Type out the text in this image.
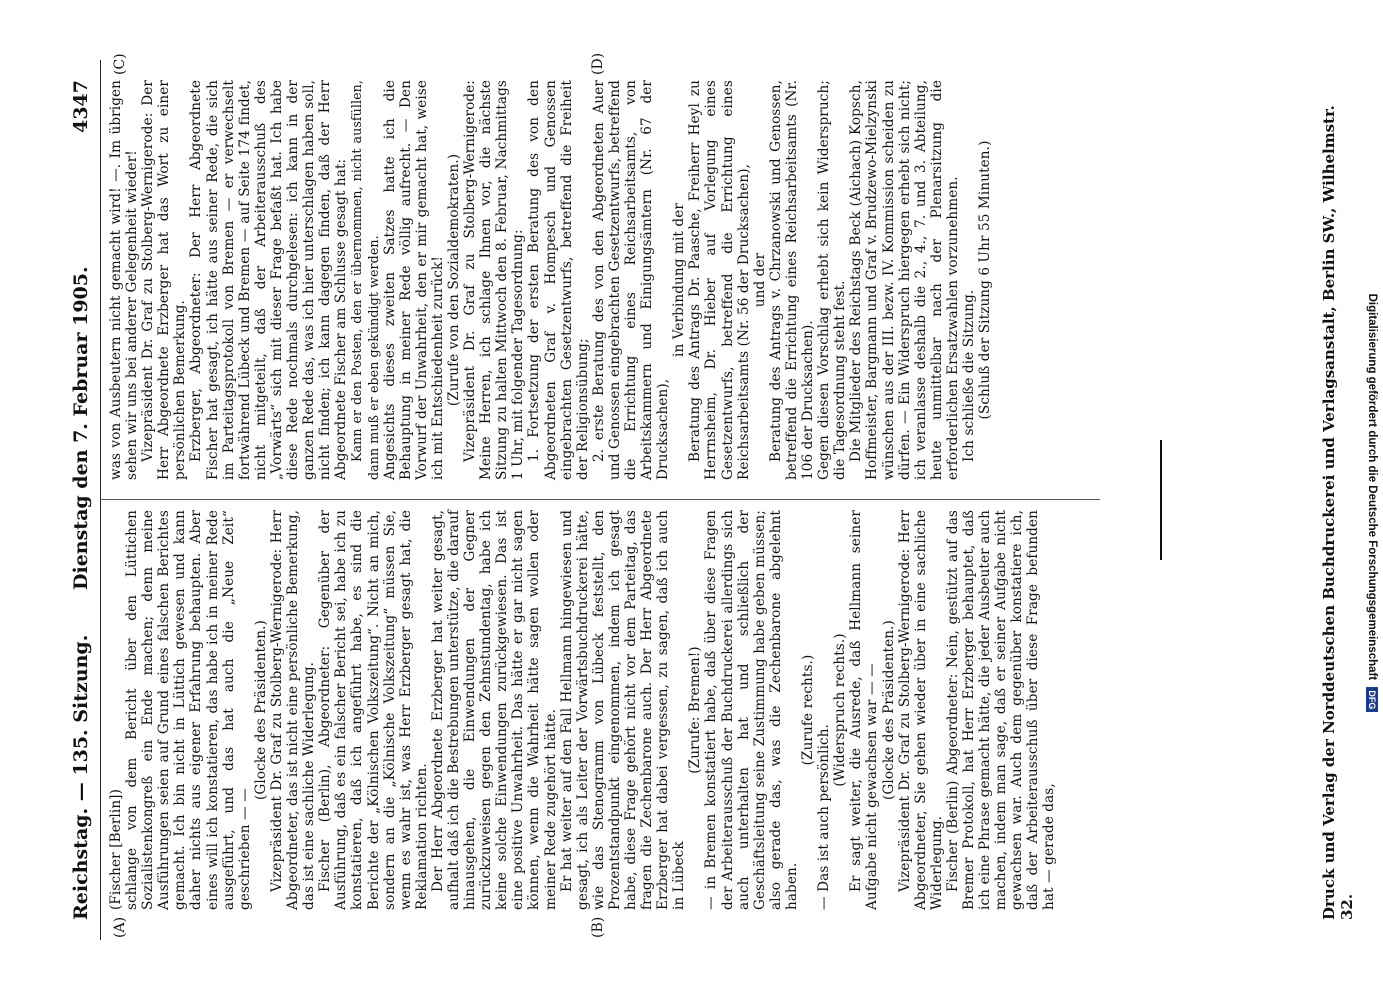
Reichstag. — 135. Sitzung.
Dienstag den 7. Februar 1905.
4347
(A)	(B)
(C)	(D)

(Fischer [Berlin]) schlange von dem Bericht über den Lüttichen Sozialistenkongreß ein Ende machen; denn meine Ausführungen seien auf Grund eines falschen Berichtes gemacht. Ich bin nicht in Lüttich gewesen und kann daher nichts aus eigener Erfahrung behaupten. Aber eines will ich konstatieren, das habe ich in meiner Rede ausgeführt, und das hat auch die „Neue Zeit“ geschrieben — —

(Glocke des Präsidenten.) Vizepräsident Dr. Graf zu Stolberg-Wernigerode: Herr Abgeordneter, das ist nicht eine persönliche Bemerkung, das ist eine sachliche Widerlegung. Fischer (Berlin), Abgeordneter: Gegenüber der Ausführung, daß es ein falscher Bericht sei, habe ich zu konstatieren, daß ich angeführt habe, es sind die Berichte der „Kölnischen Volkszeitung“. Nicht an mich, sondern an die „Kölnische Volkszeitung“ müssen Sie, wenn es wahr ist, was Herr Erzberger gesagt hat, die Reklamation richten. Der Herr Abgeordnete Erzberger hat weiter gesagt, aufhalt daß ich die Bestrebungen unterstütze, die darauf hinausgehen, die Einwendungen der Gegner zurückzuweisen gegen den Zehnstundentag, habe ich keine solche Einwendungen zurückgewiesen. Das ist eine positive Unwahrheit. Das hätte er gar nicht sagen können, wenn die Wahrheit hätte sagen wollen oder meiner Rede zugehört hätte. Er hat weiter auf den Fall Hellmann hingewiesen und gesagt, ich als Leiter der Vorwärtsbuchdruckerei hätte, wie das Stenogramm von Lübeck feststellt, den Prozentstandpunkt eingenommen, indem ich gesagt habe, diese Frage gehört nicht vor dem Parteitag, das fragen die Zechenbarone auch. Der Herr Abgeordnete Erzberger hat dabei vergessen, zu sagen, daß ich auch in Lübeck

(Zurufe: Bremen!) — in Bremen konstatiert habe, daß über diese Fragen der Arbeiterausschuß der Buchdruckerei allerdings sich auch unterhalten hat und schließlich der Geschäftsleitung seine Zustimmung habe geben müssen; also gerade das, was die Zechenbarone abgelehnt haben.

(Zurufe rechts.)

— Das ist auch persönlich.

(Widerspruch rechts.) Er sagt weiter, die Ausrede, daß Hellmann seiner Aufgabe nicht gewachsen war — — (Glocke des Präsidenten.) Vizepräsident Dr. Graf zu Stolberg-Wernigerode: Herr Abgeordneter, Sie gehen wieder über in eine sachliche Widerlegung. Fischer (Berlin) Abgeordneter: Nein, gestützt auf das Bremer Protokoll, hat Herr Erzberger behauptet, daß ich eine Phrase gemacht hätte, die jeder Ausbeuter auch machen, indem man sage, daß er seiner Aufgabe nicht gewachsen war. Auch dem gegenüber konstatiere ich, daß der Arbeiterausschuß über diese Frage befunden hat — gerade das,

was von Ausbeutern nicht gemacht wird! —. Im übrigen sehen wir uns bei anderer Gelegenheit wieder! Vizepräsident Dr. Graf zu Stolberg-Wernigerode: Der Herr Abgeordnete Erzberger hat das Wort zu einer persönlichen Bemerkung. Erzberger, Abgeordneter: Der Herr Abgeordnete Fischer hat gesagt, ich hätte aus seiner Rede, die sich im Parteitagsprotokoll von Bremen — er verwechselt fortwährend Lübeck und Bremen — auf Seite 174 findet, nicht mitgeteilt, daß der Arbeiterausschuß des „Vorwärts“ sich mit dieser Frage befaßt hat. Ich habe diese Rede nochmals durchgelesen: ich kann in der ganzen Rede das, was ich hier unterschlagen haben soll, nicht finden; ich kann dagegen finden, daß der Herr Abgeordnete Fischer am Schlusse gesagt hat: Kann er den Posten, den er übernommen, nicht ausfüllen, dann muß er eben gekündigt werden. Angesichts dieses zweiten Satzes hatte ich die Behauptung in meiner Rede völlig aufrecht. — Den Vorwurf der Unwahrheit, den er mir gemacht hat, weise ich mit Entschiedenheit zurück! (Zurufe von den Sozialdemokraten.) Vizepräsident Dr. Graf zu Stolberg-Wernigerode: Meine Herren, ich schlage Ihnen vor, die nächste Sitzung zu halten Mittwoch den 8. Februar, Nachmittags 1 Uhr, mit folgender Tagesordnung: 1. Fortsetzung der ersten Beratung des von den Abgeordneten Graf v. Hompesch und Genossen eingebrachten Gesetzentwurfs, betreffend die Freiheit der Religionsübung; 2. erste Beratung des von den Abgeordneten Auer und Genossen eingebrachten Gesetzentwurfs, betreffend die Errichtung eines Reichsarbeitsamts, von Arbeitskammern und Einigungsämtern (Nr. 67 der Drucksachen),

in Verbindung mit der Beratung des Antrags Dr. Paasche, Freiherr Heyl zu Herrnsheim, Dr. Hieber auf Vorlegung eines Gesetzentwurfs, betreffend die Errichtung eines Reichsarbeitsamts (Nr. 56 der Drucksachen), und der Beratung des Antrags v. Chrzanowski und Genossen, betreffend die Errichtung eines Reichsarbeitsamts (Nr. 106 der Drucksachen). Gegen diesen Vorschlag erhebt sich kein Widerspruch; die Tagesordnung steht fest. Die Mitglieder des Reichstags Beck (Aichach) Kopsch, Hoffmeister, Bargmann und Graf v. Brudzewo-Mielzynski wünschen aus der III. bezw. IV. Kommission scheiden zu dürfen. — Ein Widerspruch hiergegen erhebt sich nicht; ich veranlasse deshalb die 2., 4., 7. und 3. Abteilung, heute unmittelbar nach der Plenarsitzung die erforderlichen Ersatzwahlen vorzunehmen. Ich schließe die Sitzung. (Schluß der Sitzung 6 Uhr 55 Minuten.)	Druck und Verlag der Norddeutschen Buchdruckerei und Verlagsanstalt, Berlin SW., Wilhelmstr. 32.
Digitalisierung gefördert durch die Deutsche Forschungsgemeinschaft DFG
